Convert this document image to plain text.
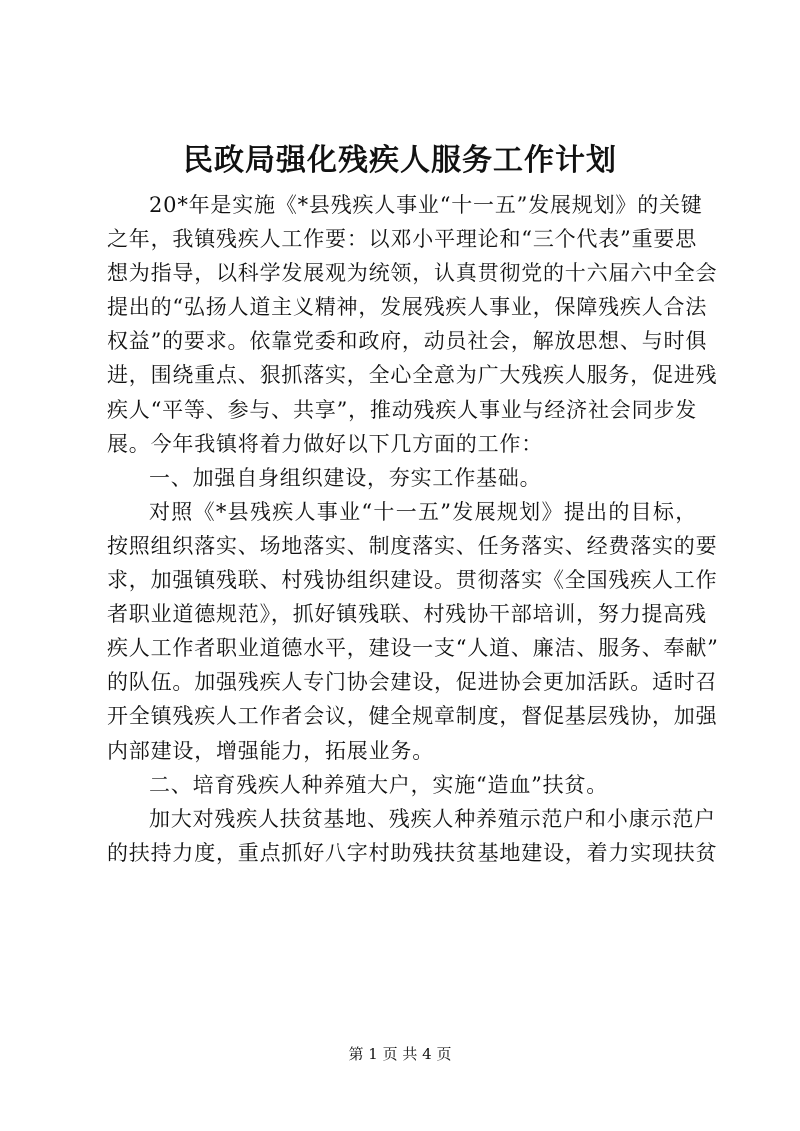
民政局强化残疾人服务工作计划
20*年是实施《*县残疾人事业“十一五”发展规划》的关键
之年，我镇残疾人工作要：以邓小平理论和“三个代表”重要思
想为指导，以科学发展观为统领，认真贯彻党的十六届六中全会
提出的“弘扬人道主义精神，发展残疾人事业，保障残疾人合法
权益”的要求。依靠党委和政府，动员社会，解放思想、与时俱
进，围绕重点、狠抓落实，全心全意为广大残疾人服务，促进残
疾人“平等、参与、共享”，推动残疾人事业与经济社会同步发
展。今年我镇将着力做好以下几方面的工作：
一、加强自身组织建设，夯实工作基础。
对照《*县残疾人事业“十一五”发展规划》提出的目标，
按照组织落实、场地落实、制度落实、任务落实、经费落实的要
求，加强镇残联、村残协组织建设。贯彻落实《全国残疾人工作
者职业道德规范》，抓好镇残联、村残协干部培训，努力提高残
疾人工作者职业道德水平，建设一支“人道、廉洁、服务、奉献”
的队伍。加强残疾人专门协会建设，促进协会更加活跃。适时召
开全镇残疾人工作者会议，健全规章制度，督促基层残协，加强
内部建设，增强能力，拓展业务。
二、培育残疾人种养殖大户，实施“造血”扶贫。
加大对残疾人扶贫基地、残疾人种养殖示范户和小康示范户
的扶持力度，重点抓好八字村助残扶贫基地建设，着力实现扶贫
第 1 页 共 4 页
